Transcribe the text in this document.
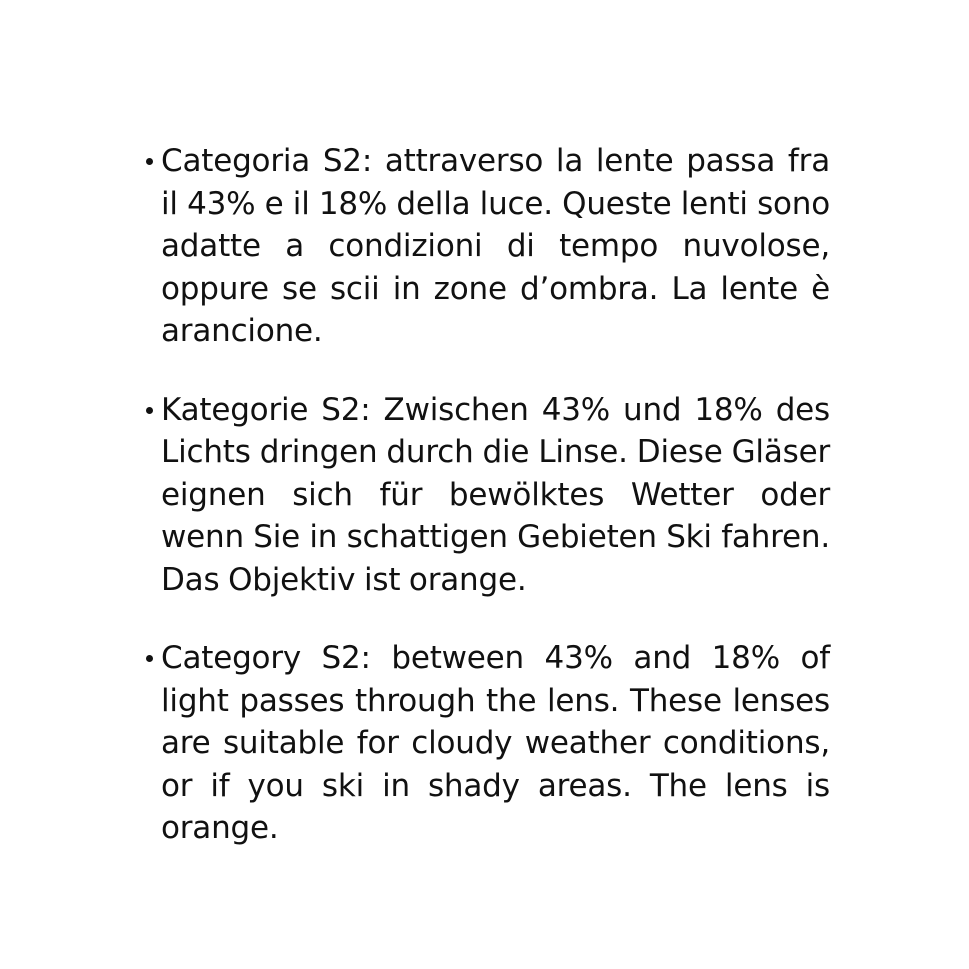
Categoria S2: attraverso la lente passa fra il 43% e il 18% della luce. Queste lenti sono adatte a condizioni di tempo nuvolose, oppure se scii in zone d’ombra. La lente è arancione.
Kategorie S2: Zwischen 43% und 18% des Lichts dringen durch die Linse. Diese Gläser eignen sich für bewölktes Wetter oder wenn Sie in schattigen Gebieten Ski fahren. Das Objektiv ist orange.
Category S2: between 43% and 18% of light passes through the lens. These lenses are suitable for cloudy weather conditions, or if you ski in shady areas. The lens is orange.
